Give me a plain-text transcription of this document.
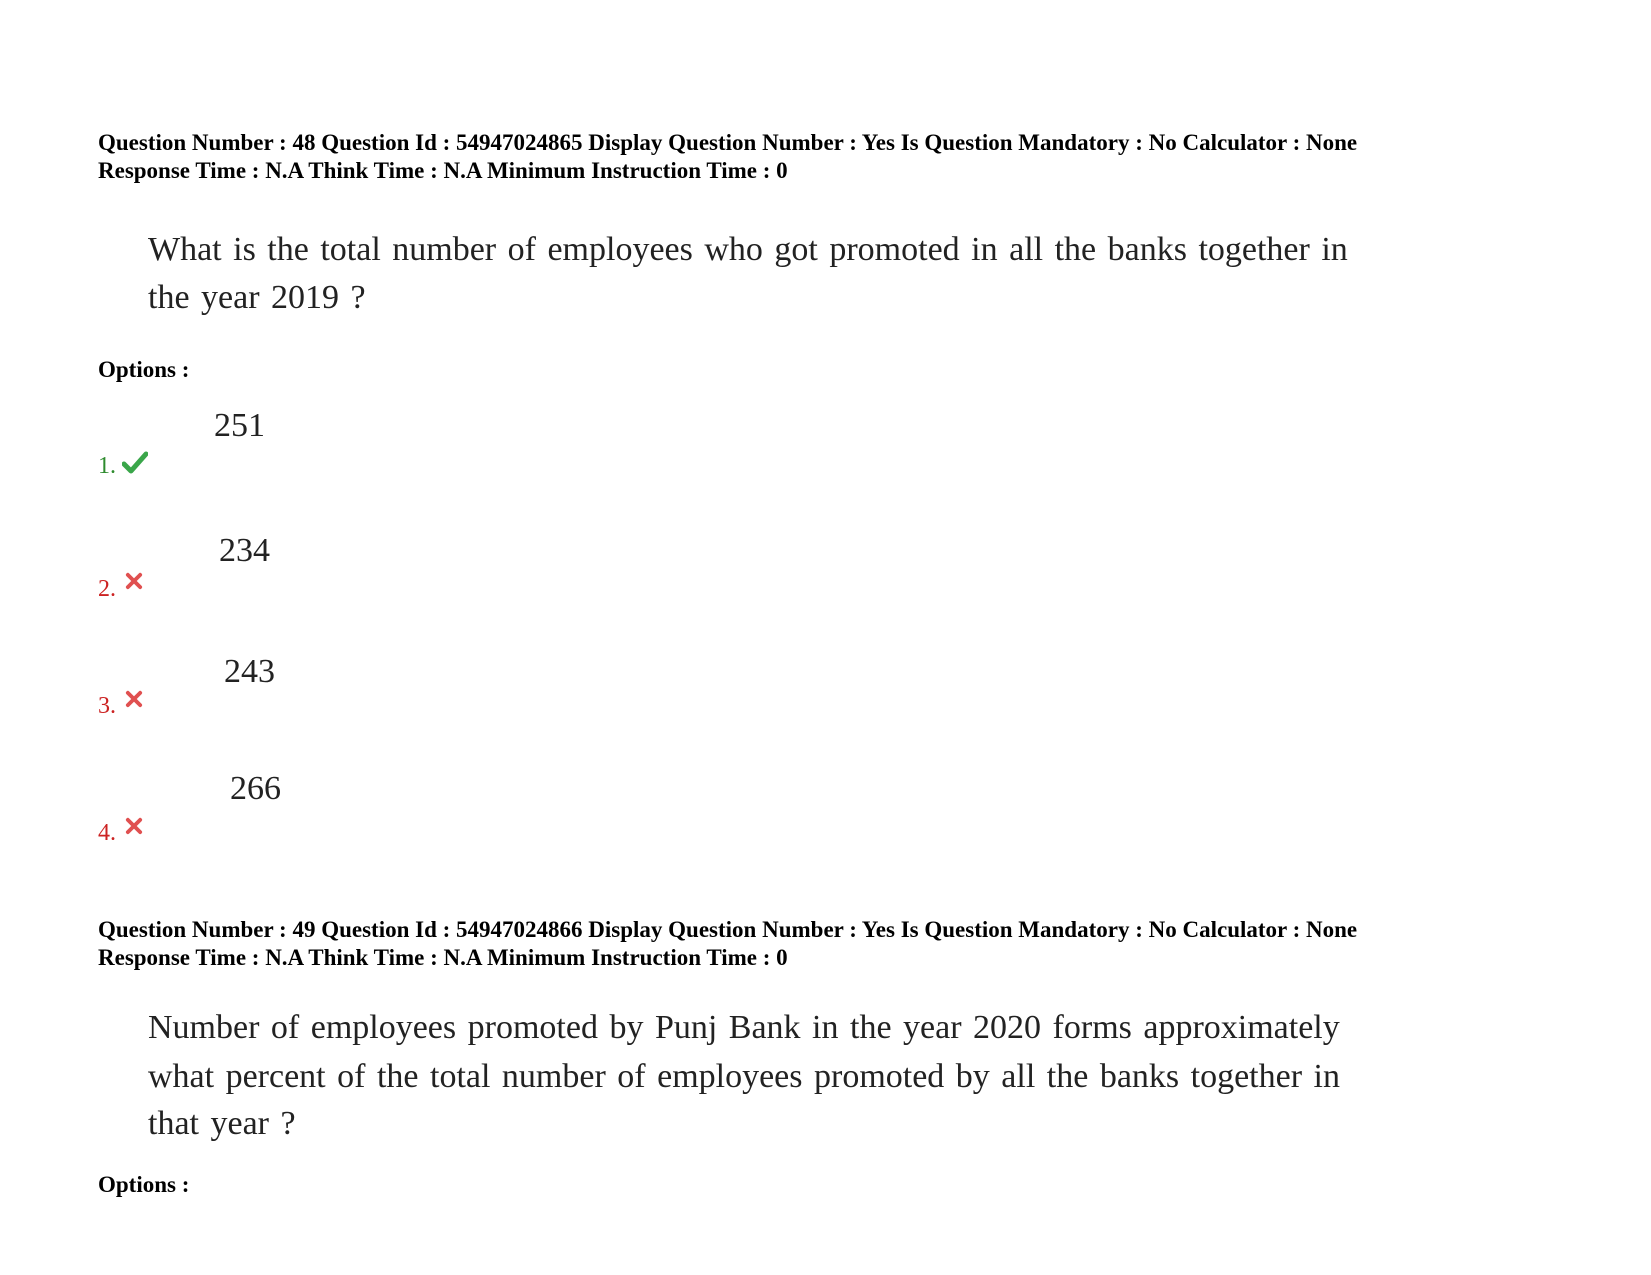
Question Number : 48 Question Id : 54947024865 Display Question Number : Yes Is Question Mandatory : No Calculator : None
Response Time : N.A Think Time : N.A Minimum Instruction Time : 0
What is the total number of employees who got promoted in all the banks together in
the year 2019 ?
Options :
251
1.
234
2.
243
3.
266
4.
Question Number : 49 Question Id : 54947024866 Display Question Number : Yes Is Question Mandatory : No Calculator : None
Response Time : N.A Think Time : N.A Minimum Instruction Time : 0
Number of employees promoted by Punj Bank in the year 2020 forms approximately
what percent of the total number of employees promoted by all the banks together in
that year ?
Options :
